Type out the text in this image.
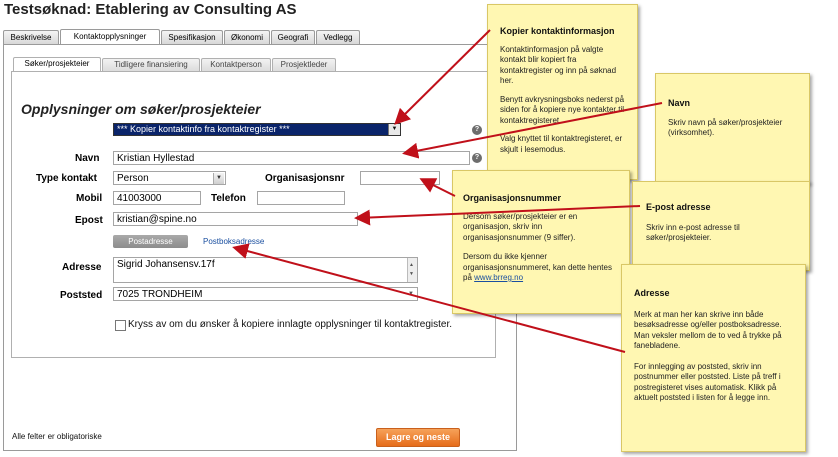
Testsøknad: Etablering av Consulting AS
Beskrivelse	Kontaktopplysninger	Spesifikasjon	Økonomi	Geografi	Vedlegg
Søker/prosjekteier	Tidligere finansiering	Kontaktperson	Prosjektleder
Opplysninger om søker/prosjekteier
*** Kopier kontaktinfo fra kontaktregister ***	▼	?
Navn	Kristian Hyllestad	?
Type kontakt	Person	▼	Organisasjonsnr
Mobil	41003000	Telefon
Epost	kristian@spine.no
Postadresse	Postboksadresse
Adresse	Sigrid Johansensv.17f	▲
▼
Poststed	7025 TRONDHEIM	▼
Kryss av om du ønsker å kopiere innlagte opplysninger til kontaktregister.
Alle felter er obligatoriske	Lagre og neste
Kopier kontaktinformasjon

Kontaktinformasjon på valgte kontakt blir kopiert fra kontaktregister og inn på søknad her.

Benytt avkrysningsboks nederst på siden for å kopiere nye kontakter til kontaktregisteret.

Valg knyttet til kontaktregisteret, er skjult i lesemodus.

Navn

Skriv navn på søker/prosjekteier (virksomhet).

Organisasjonsnummer

Dersom søker/prosjekteier er en organisasjon, skriv inn organisasjonsnummer (9 siffer).

Dersom du ikke kjenner organisasjonsnummeret, kan dette hentes på www.brreg.no

E-post adresse

Skriv inn e-post adresse til søker/prosjekteier.

Adresse

Merk at man her kan skrive inn både besøksadresse og/eller postboksadresse. Man veksler mellom de to ved å trykke på fanebladene.

For innlegging av poststed, skriv inn postnummer eller poststed. Liste på treff i postregisteret vises automatisk. Klikk på aktuelt poststed i listen for å legge inn.
